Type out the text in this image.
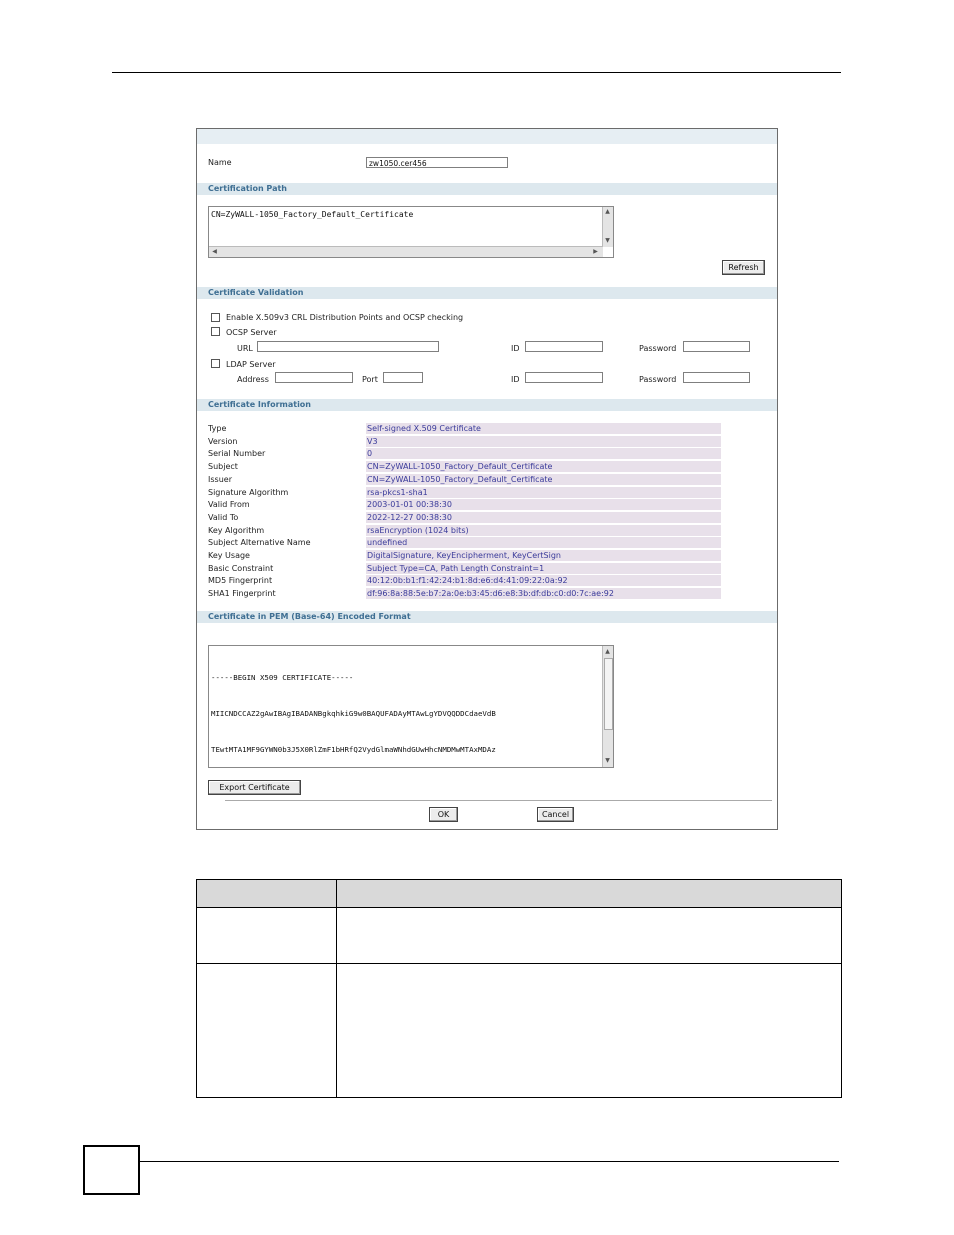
Name	zw1050.cer456
Certification Path
CN=ZyWALL-1050_Factory_Default_Certificate	▲
▼
◀	▶
Refresh
Certificate Validation
Enable X.509v3 CRL Distribution Points and OCSP checking
OCSP Server
URL	ID	Password
LDAP Server
Address	Port	ID	Password
Certificate Information
Type	Self-signed X.509 Certificate
Version	V3
Serial Number	0
Subject	CN=ZyWALL-1050_Factory_Default_Certificate
Issuer	CN=ZyWALL-1050_Factory_Default_Certificate
Signature Algorithm	rsa-pkcs1-sha1
Valid From	2003-01-01 00:38:30
Valid To	2022-12-27 00:38:30
Key Algorithm	rsaEncryption (1024 bits)
Subject Alternative Name	undefined
Key Usage	DigitalSignature, KeyEncipherment, KeyCertSign
Basic Constraint	Subject Type=CA, Path Length Constraint=1
MD5 Fingerprint	40:12:0b:b1:f1:42:24:b1:8d:e6:d4:41:09:22:0a:92
SHA1 Fingerprint	df:96:8a:88:5e:b7:2a:0e:b3:45:d6:e8:3b:df:db:c0:d0:7c:ae:92
Certificate in PEM (Base-64) Encoded Format

-----BEGIN X509 CERTIFICATE-----

MIICNDCCAZ2gAwIBAgIBADANBgkqhkiG9w0BAQUFADAyMTAwLgYDVQQDDCdaeVdB

TEwtMTA1MF9GYWN0b3J5X0RlZmF1bHRfQ2VydGlmaWNhdGUwHhcNMDMwMTAxMDAz

▲
▼
Export Certificate
OK	Cancel
